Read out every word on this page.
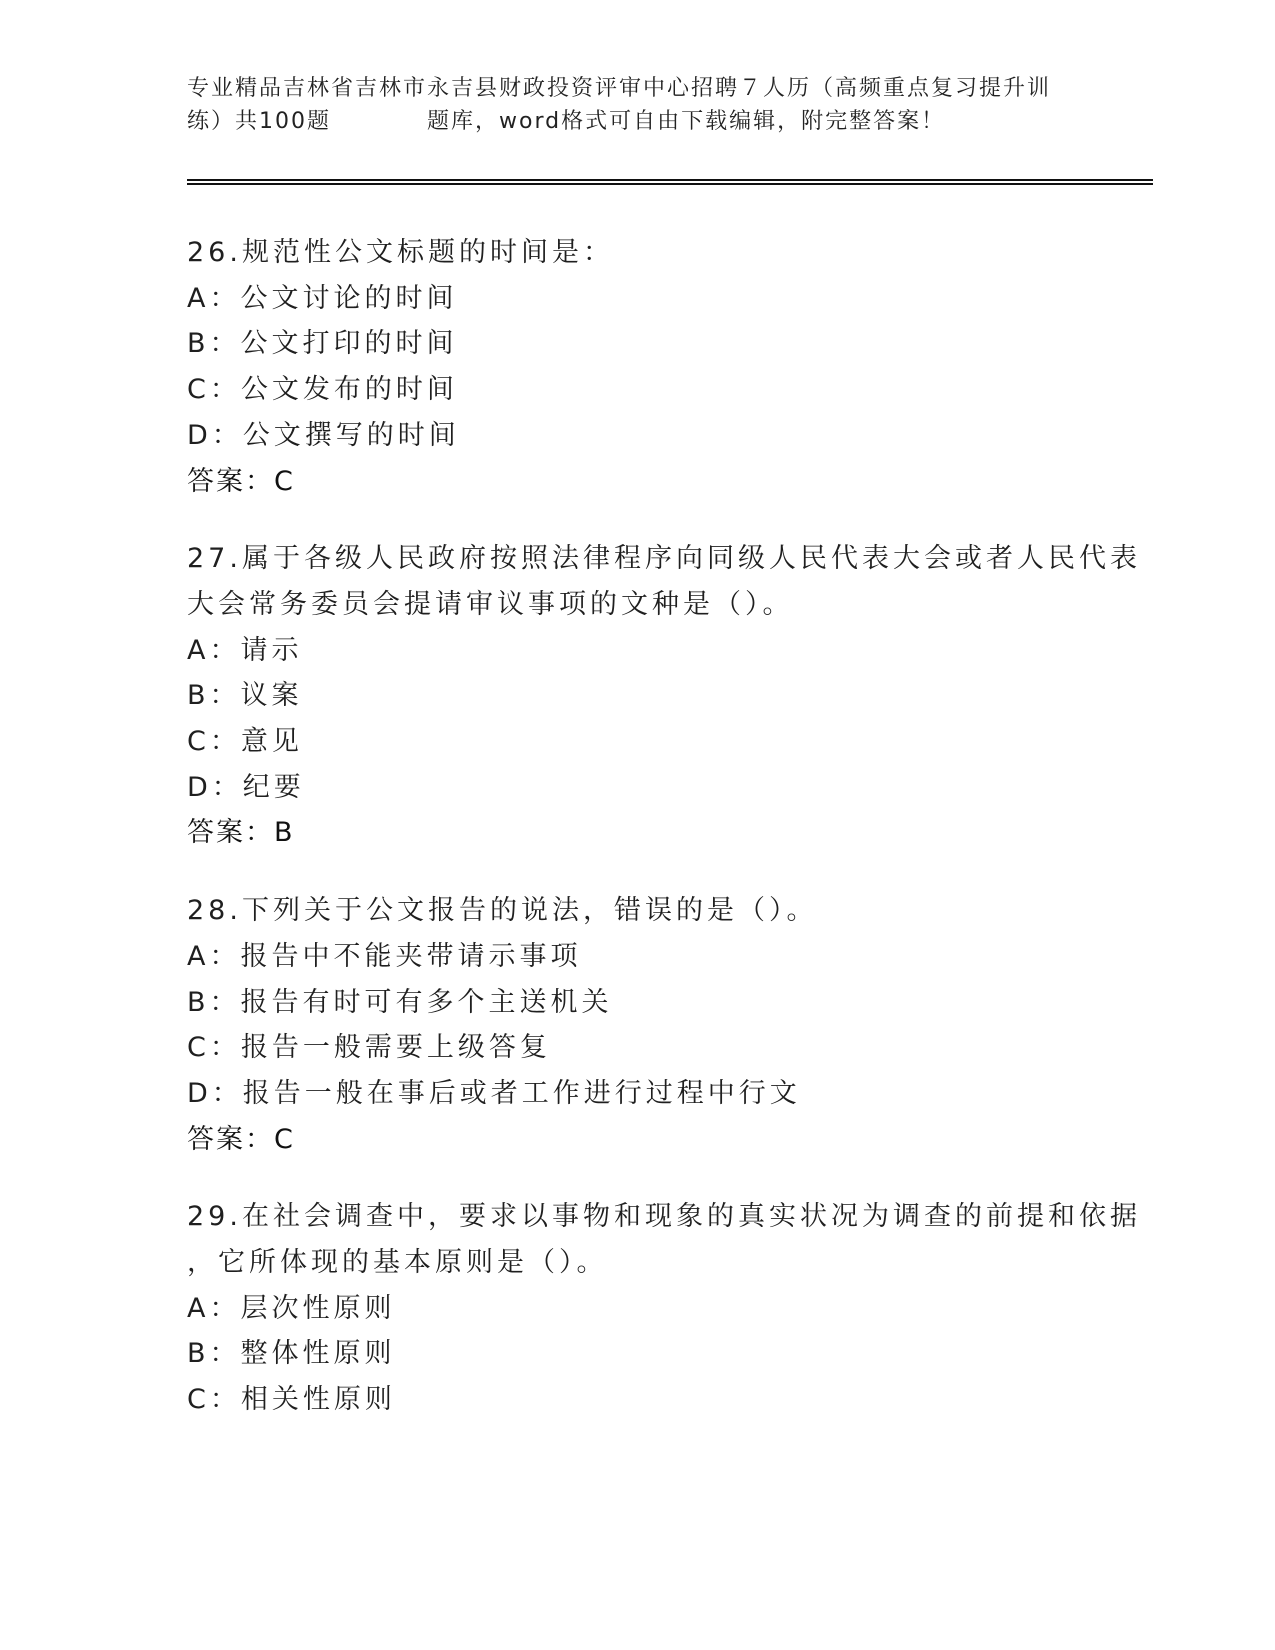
专业精品吉林省吉林市永吉县财政投资评审中心招聘７人历（高频重点复习提升训
练）共100题　　　　题库，word格式可自由下载编辑，附完整答案！
26.规范性公文标题的时间是：
A：公文讨论的时间
B：公文打印的时间
C：公文发布的时间
D：公文撰写的时间
答案：C
27.属于各级人民政府按照法律程序向同级人民代表大会或者人民代表
大会常务委员会提请审议事项的文种是（）。
A：请示
B：议案
C：意见
D：纪要
答案：B
28.下列关于公文报告的说法，错误的是（）。
A：报告中不能夹带请示事项
B：报告有时可有多个主送机关
C：报告一般需要上级答复
D：报告一般在事后或者工作进行过程中行文
答案：C
29.在社会调查中，要求以事物和现象的真实状况为调查的前提和依据
，它所体现的基本原则是（）。
A：层次性原则
B：整体性原则
C：相关性原则
